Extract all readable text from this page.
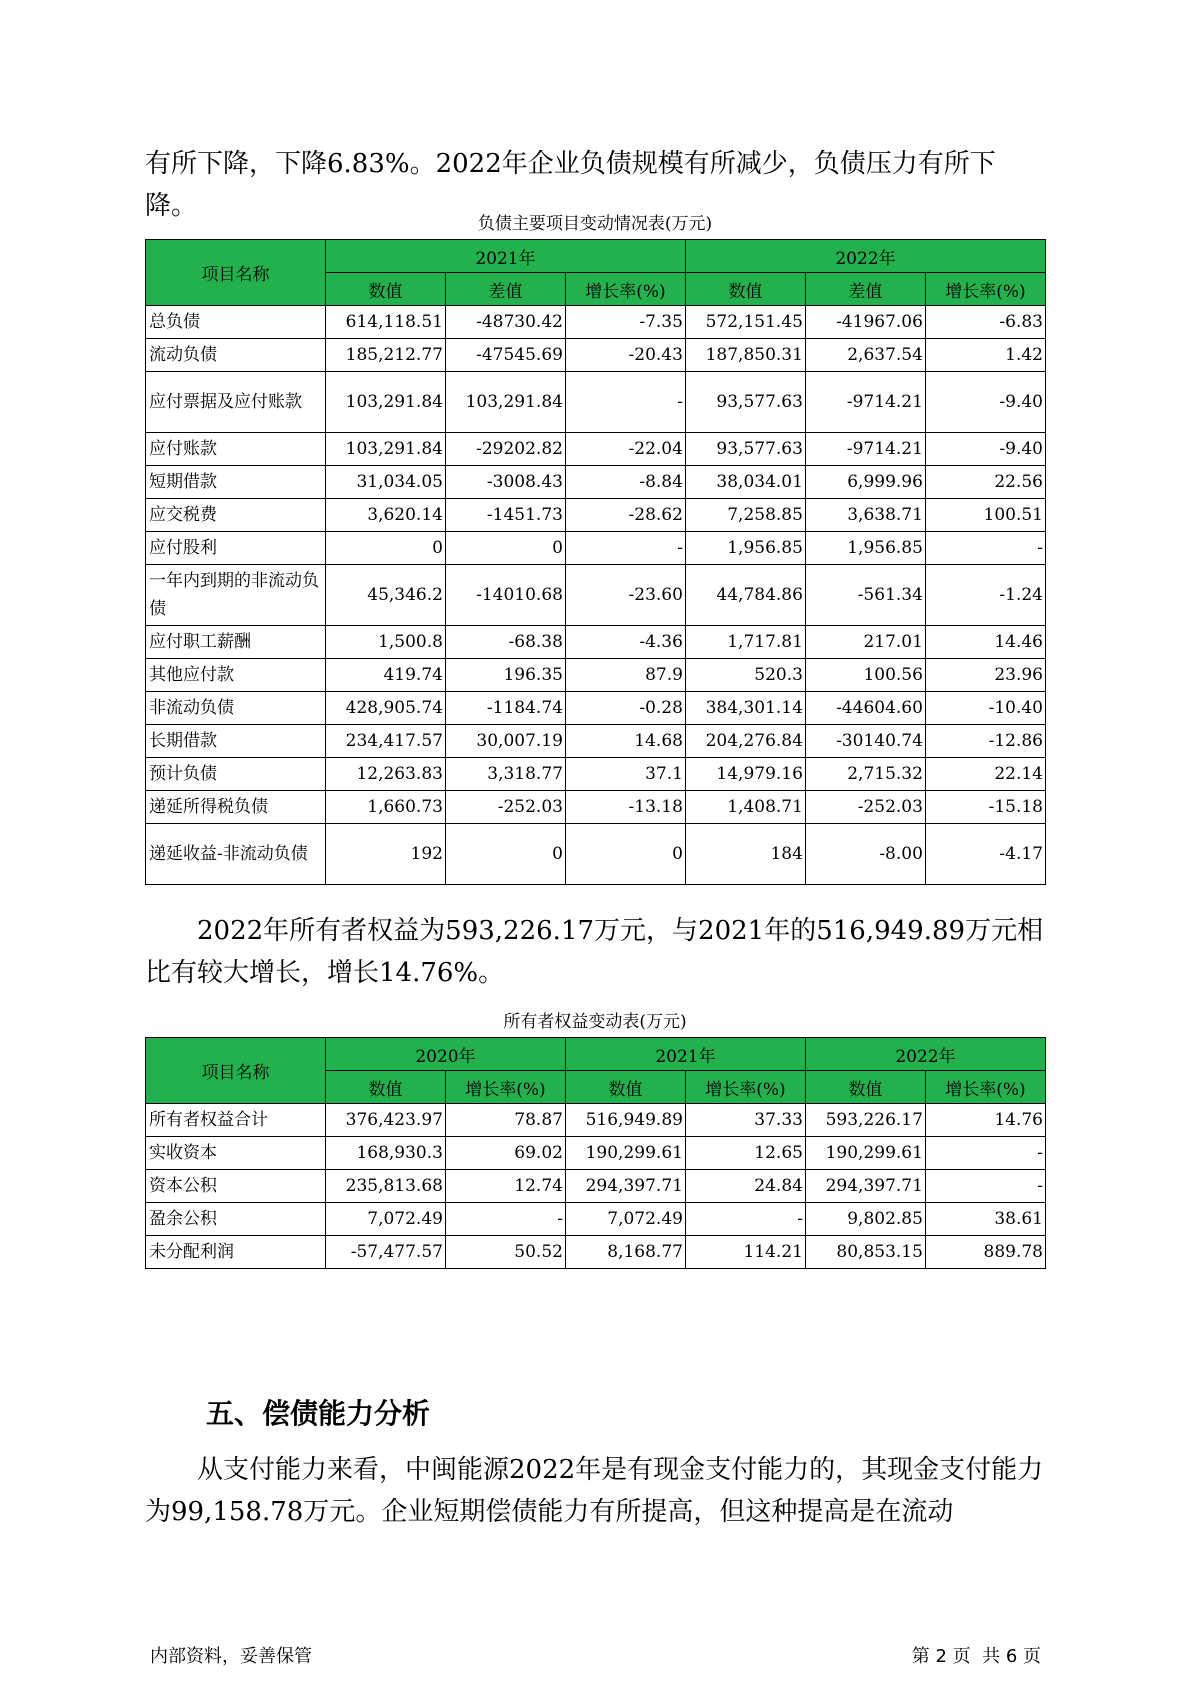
有所下降，下降6.83%。2022年企业负债规模有所减少，负债压力有所下降。

负债主要项目变动情况表(万元)
项目名称	2021年			2022年		
	数值	差值	增长率(%)	数值	差值	增长率(%)
总负债	614,118.51	-48730.42	-7.35	572,151.45	-41967.06	-6.83
流动负债	185,212.77	-47545.69	-20.43	187,850.31	2,637.54	1.42
应付票据及应付账款	103,291.84	103,291.84	-	93,577.63	-9714.21	-9.40
应付账款	103,291.84	-29202.82	-22.04	93,577.63	-9714.21	-9.40
短期借款	31,034.05	-3008.43	-8.84	38,034.01	6,999.96	22.56
应交税费	3,620.14	-1451.73	-28.62	7,258.85	3,638.71	100.51
应付股利	0	0	-	1,956.85	1,956.85	-
一年内到期的非流动负债	45,346.2	-14010.68	-23.60	44,784.86	-561.34	-1.24
应付职工薪酬	1,500.8	-68.38	-4.36	1,717.81	217.01	14.46
其他应付款	419.74	196.35	87.9	520.3	100.56	23.96
非流动负债	428,905.74	-1184.74	-0.28	384,301.14	-44604.60	-10.40
长期借款	234,417.57	30,007.19	14.68	204,276.84	-30140.74	-12.86
预计负债	12,263.83	3,318.77	37.1	14,979.16	2,715.32	22.14
递延所得税负债	1,660.73	-252.03	-13.18	1,408.71	-252.03	-15.18
递延收益-非流动负债	192	0	0	184	-8.00	-4.17

2022年所有者权益为593,226.17万元，与2021年的516,949.89万元相比有较大增长，增长14.76%。

所有者权益变动表(万元)
项目名称	2020年		2021年		2022年	
	数值	增长率(%)	数值	增长率(%)	数值	增长率(%)
所有者权益合计	376,423.97	78.87	516,949.89	37.33	593,226.17	14.76
实收资本	168,930.3	69.02	190,299.61	12.65	190,299.61	-
资本公积	235,813.68	12.74	294,397.71	24.84	294,397.71	-
盈余公积	7,072.49	-	7,072.49	-	9,802.85	38.61
未分配利润	-57,477.57	50.52	8,168.77	114.21	80,853.15	889.78
五、偿债能力分析

从支付能力来看，中闽能源2022年是有现金支付能力的，其现金支付能力为99,158.78万元。企业短期偿债能力有所提高，但这种提高是在流动

内部资料，妥善保管	第 2 页  共 6 页
